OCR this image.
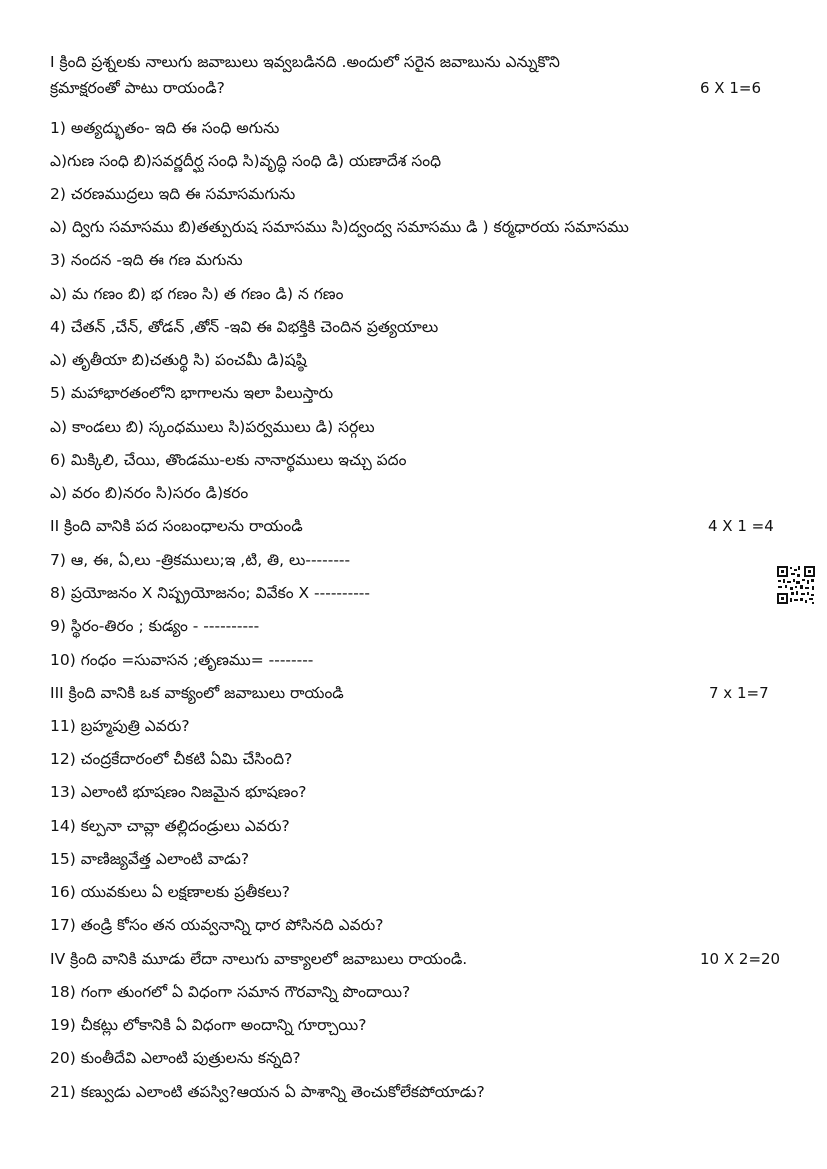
I క్రింది ప్రశ్నలకు నాలుగు జవాబులు ఇవ్వబడినది .అందులో సరైన జవాబును ఎన్నుకొని
క్రమాక్షరంతో పాటు రాయండి?	6 X 1=6
1) అత్యద్భుతం- ఇది ఈ సంధి అగును
ఎ)గుణ సంధి బి)సవర్ణదీర్ఘ సంధి సి)వృద్ధి సంధి డి) యణాదేశ సంధి
2) చరణముద్రలు ఇది ఈ సమాసమగును
ఎ) ద్విగు సమాసము బి)తత్పురుష సమాసము సి)ద్వంద్వ సమాసము డి ) కర్మధారయ సమాసము
3) నందన -ఇది ఈ గణ మగును
ఎ) మ గణం బి) భ గణం సి) త గణం డి) న గణం
4) చేతన్ ,చేన్, తోడన్ ,తోన్ -ఇవి ఈ విభక్తికి చెందిన ప్రత్యయాలు
ఎ) తృతీయా బి)చతుర్థి సి) పంచమీ డి)షష్ఠి
5) మహాభారతంలోని భాగాలను ఇలా పిలుస్తారు
ఎ) కాండలు బి) స్కంధములు సి)పర్వములు డి) సర్గలు
6) మిక్కిలి, చేయి, తొండము-లకు నానార్థములు ఇచ్చు పదం
ఎ) వరం బి)నరం సి)సరం డి)కరం
II క్రింది వానికి పద సంబంధాలను రాయండి	4 X 1 =4
7) ఆ, ఈ, ఏ,లు -త్రికములు;ఇ ,టి, తి, లు--------
8) ప్రయోజనం X నిష్ప్రయోజనం; వివేకం X ----------
9) స్థిరం-తిరం ; కుడ్యం - ----------
10) గంధం =సువాసన ;తృణము= --------
III క్రింది వానికి ఒక వాక్యంలో జవాబులు రాయండి	7 x 1=7
11) బ్రహ్మపుత్రి ఎవరు?
12) చంద్రకేదారంలో చీకటి ఏమి చేసింది?
13) ఎలాంటి భూషణం నిజమైన భూషణం?
14) కల్పనా చావ్లా తల్లిదండ్రులు ఎవరు?
15) వాణిజ్యవేత్త ఎలాంటి వాడు?
16) యువకులు ఏ లక్షణాలకు ప్రతీకలు?
17) తండ్రి కోసం తన యవ్వనాన్ని ధార పోసినది ఎవరు?
IV క్రింది వానికి మూడు లేదా నాలుగు వాక్యాలలో జవాబులు రాయండి.	10 X 2=20
18) గంగా తుంగలో ఏ విధంగా సమాన గౌరవాన్ని పొందాయి?
19) చీకట్లు లోకానికి ఏ విధంగా అందాన్ని గూర్చాయి?
20) కుంతీదేవి ఎలాంటి పుత్రులను కన్నది?
21) కణ్వుడు ఎలాంటి తపస్వి?ఆయన ఏ పాశాన్ని తెంచుకోలేకపోయాడు?
